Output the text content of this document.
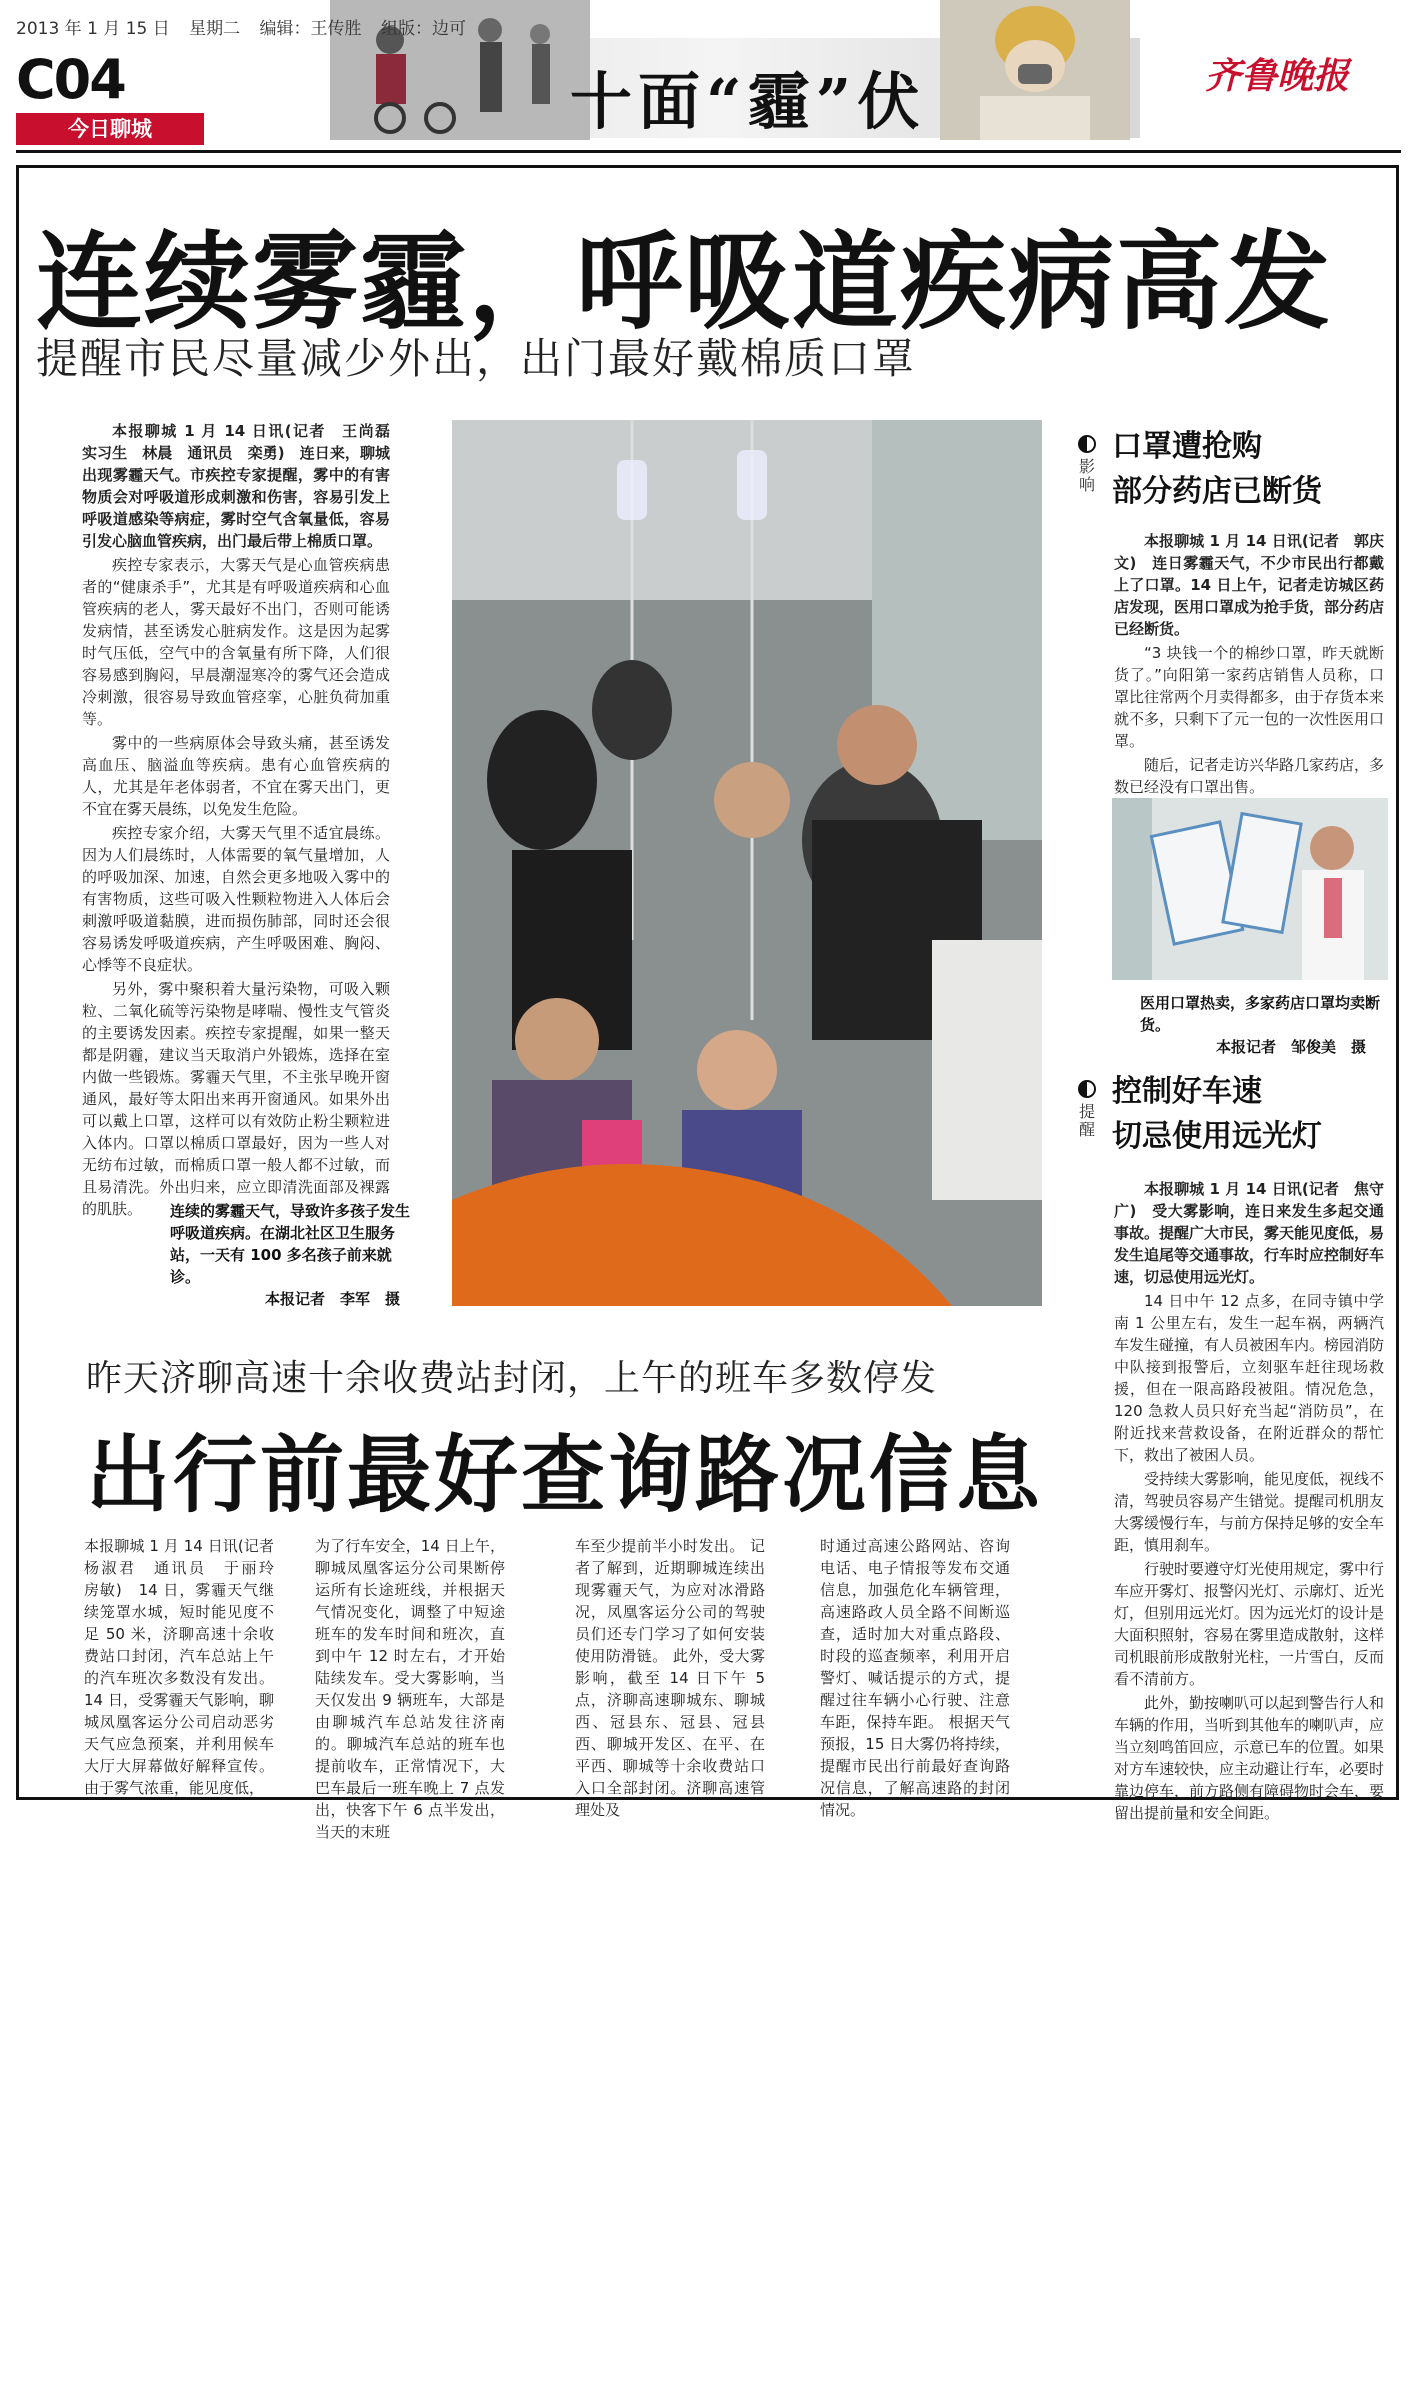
2013 年 1 月 15 日 星期二 编辑：王传胜 组版：边可
C04
今日聊城	十面“霾”伏	齐鲁晚报
连续雾霾，呼吸道疾病高发
提醒市民尽量减少外出，出门最好戴棉质口罩

本报聊城 1 月 14 日讯(记者　王尚磊　实习生　林晨　通讯员　栾勇)　连日来，聊城出现雾霾天气。市疾控专家提醒，雾中的有害物质会对呼吸道形成刺激和伤害，容易引发上呼吸道感染等病症，雾时空气含氧量低，容易引发心脑血管疾病，出门最后带上棉质口罩。

疾控专家表示，大雾天气是心血管疾病患者的“健康杀手”，尤其是有呼吸道疾病和心血管疾病的老人，雾天最好不出门，否则可能诱发病情，甚至诱发心脏病发作。这是因为起雾时气压低，空气中的含氧量有所下降，人们很容易感到胸闷，早晨潮湿寒冷的雾气还会造成冷刺激，很容易导致血管痉挛，心脏负荷加重等。

雾中的一些病原体会导致头痛，甚至诱发高血压、脑溢血等疾病。患有心血管疾病的人，尤其是年老体弱者，不宜在雾天出门，更不宜在雾天晨练，以免发生危险。

疾控专家介绍，大雾天气里不适宜晨练。因为人们晨练时，人体需要的氧气量增加，人的呼吸加深、加速，自然会更多地吸入雾中的有害物质，这些可吸入性颗粒物进入人体后会刺激呼吸道黏膜，进而损伤肺部，同时还会很容易诱发呼吸道疾病，产生呼吸困难、胸闷、心悸等不良症状。

另外，雾中聚积着大量污染物，可吸入颗粒、二氧化硫等污染物是哮喘、慢性支气管炎的主要诱发因素。疾控专家提醒，如果一整天都是阴霾，建议当天取消户外锻炼，选择在室内做一些锻炼。雾霾天气里，不主张早晚开窗通风，最好等太阳出来再开窗通风。如果外出可以戴上口罩，这样可以有效防止粉尘颗粒进入体内。口罩以棉质口罩最好，因为一些人对无纺布过敏，而棉质口罩一般人都不过敏，而且易清洗。外出归来，应立即清洗面部及裸露的肌肤。	连续的雾霾天气，导致许多孩子发生呼吸道疾病。在湖北社区卫生服务站，一天有 100 多名孩子前来就诊。
本报记者　李军　摄
影响
口罩遭抢购
部分药店已断货

本报聊城 1 月 14 日讯(记者　郭庆文)　连日雾霾天气，不少市民出行都戴上了口罩。14 日上午，记者走访城区药店发现，医用口罩成为抢手货，部分药店已经断货。

“3 块钱一个的棉纱口罩，昨天就断货了。”向阳第一家药店销售人员称，口罩比往常两个月卖得都多，由于存货本来就不多，只剩下了元一包的一次性医用口罩。

随后，记者走访兴华路几家药店，多数已经没有口罩出售。

医用口罩热卖，多家药店口罩均卖断货。
本报记者　邹俊美　摄
提醒
控制好车速
切忌使用远光灯

本报聊城 1 月 14 日讯(记者　焦守广)　受大雾影响，连日来发生多起交通事故。提醒广大市民，雾天能见度低，易发生追尾等交通事故，行车时应控制好车速，切忌使用远光灯。

14 日中午 12 点多，在同寺镇中学南 1 公里左右，发生一起车祸，两辆汽车发生碰撞，有人员被困车内。榜园消防中队接到报警后，立刻驱车赶往现场救援，但在一限高路段被阻。情况危急，120 急救人员只好充当起“消防员”，在附近找来营救设备，在附近群众的帮忙下，救出了被困人员。

受持续大雾影响，能见度低，视线不清，驾驶员容易产生错觉。提醒司机朋友大雾缓慢行车，与前方保持足够的安全车距，慎用刹车。

行驶时要遵守灯光使用规定，雾中行车应开雾灯、报警闪光灯、示廓灯、近光灯，但别用远光灯。因为远光灯的设计是大面积照射，容易在雾里造成散射，这样司机眼前形成散射光柱，一片雪白，反而看不清前方。

此外，勤按喇叭可以起到警告行人和车辆的作用，当听到其他车的喇叭声，应当立刻鸣笛回应，示意已车的位置。如果对方车速较快，应主动避让行车，必要时靠边停车，前方路侧有障碍物时会车，要留出提前量和安全间距。

昨天济聊高速十余收费站封闭，上午的班车多数停发
出行前最好查询路况信息
本报聊城 1 月 14 日讯(记者　杨淑君　通讯员　于丽玲　房敏)　14 日，雾霾天气继续笼罩水城，短时能见度不足 50 米，济聊高速十余收费站口封闭，汽车总站上午的汽车班次多数没有发出。 14 日，受雾霾天气影响，聊城凤凰客运分公司启动恶劣天气应急预案，并利用候车大厅大屏幕做好解释宣传。 由于雾气浓重，能见度低，
为了行车安全，14 日上午，聊城凤凰客运分公司果断停运所有长途班线，并根据天气情况变化，调整了中短途班车的发车时间和班次，直到中午 12 时左右，才开始陆续发车。受大雾影响，当天仅发出 9 辆班车，大部是由聊城汽车总站发往济南的。聊城汽车总站的班车也提前收车，正常情况下，大巴车最后一班车晚上 7 点发出，快客下午 6 点半发出，当天的末班
车至少提前半小时发出。 记者了解到，近期聊城连续出现雾霾天气，为应对冰滑路况，凤凰客运分公司的驾驶员们还专门学习了如何安装使用防滑链。 此外，受大雾影响，截至 14 日下午 5 点，济聊高速聊城东、聊城西、冠县东、冠县、冠县西、聊城开发区、在平、在平西、聊城等十余收费站口入口全部封闭。济聊高速管理处及
时通过高速公路网站、咨询电话、电子情报等发布交通信息，加强危化车辆管理，高速路政人员全路不间断巡查，适时加大对重点路段、时段的巡查频率，利用开启警灯、喊话提示的方式，提醒过往车辆小心行驶、注意车距，保持车距。 根据天气预报，15 日大雾仍将持续，提醒市民出行前最好查询路况信息，了解高速路的封闭情况。
